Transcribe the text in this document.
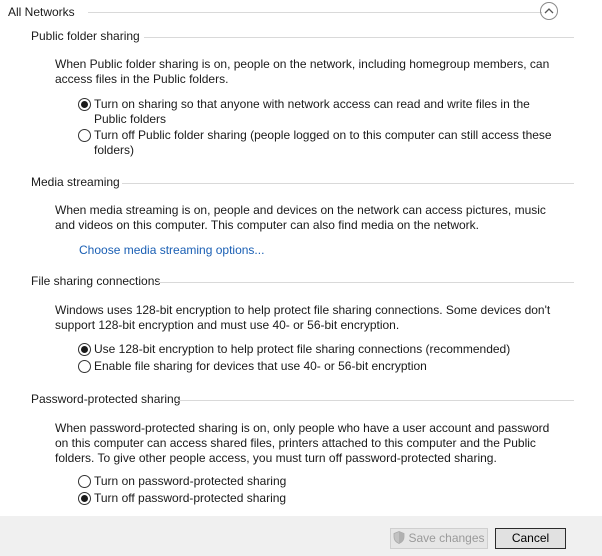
All Networks
Public folder sharing
When Public folder sharing is on, people on the network, including homegroup members, can access files in the Public folders.
Turn on sharing so that anyone with network access can read and write files in the Public folders
Turn off Public folder sharing (people logged on to this computer can still access these folders)
Media streaming
When media streaming is on, people and devices on the network can access pictures, music and videos on this computer. This computer can also find media on the network.
Choose media streaming options...
File sharing connections
Windows uses 128-bit encryption to help protect file sharing connections. Some devices don't support 128-bit encryption and must use 40- or 56-bit encryption.
Use 128-bit encryption to help protect file sharing connections (recommended)
Enable file sharing for devices that use 40- or 56-bit encryption
Password-protected sharing
When password-protected sharing is on, only people who have a user account and password on this computer can access shared files, printers attached to this computer and the Public folders. To give other people access, you must turn off password-protected sharing.
Turn on password-protected sharing
Turn off password-protected sharing
Save changes	Cancel
